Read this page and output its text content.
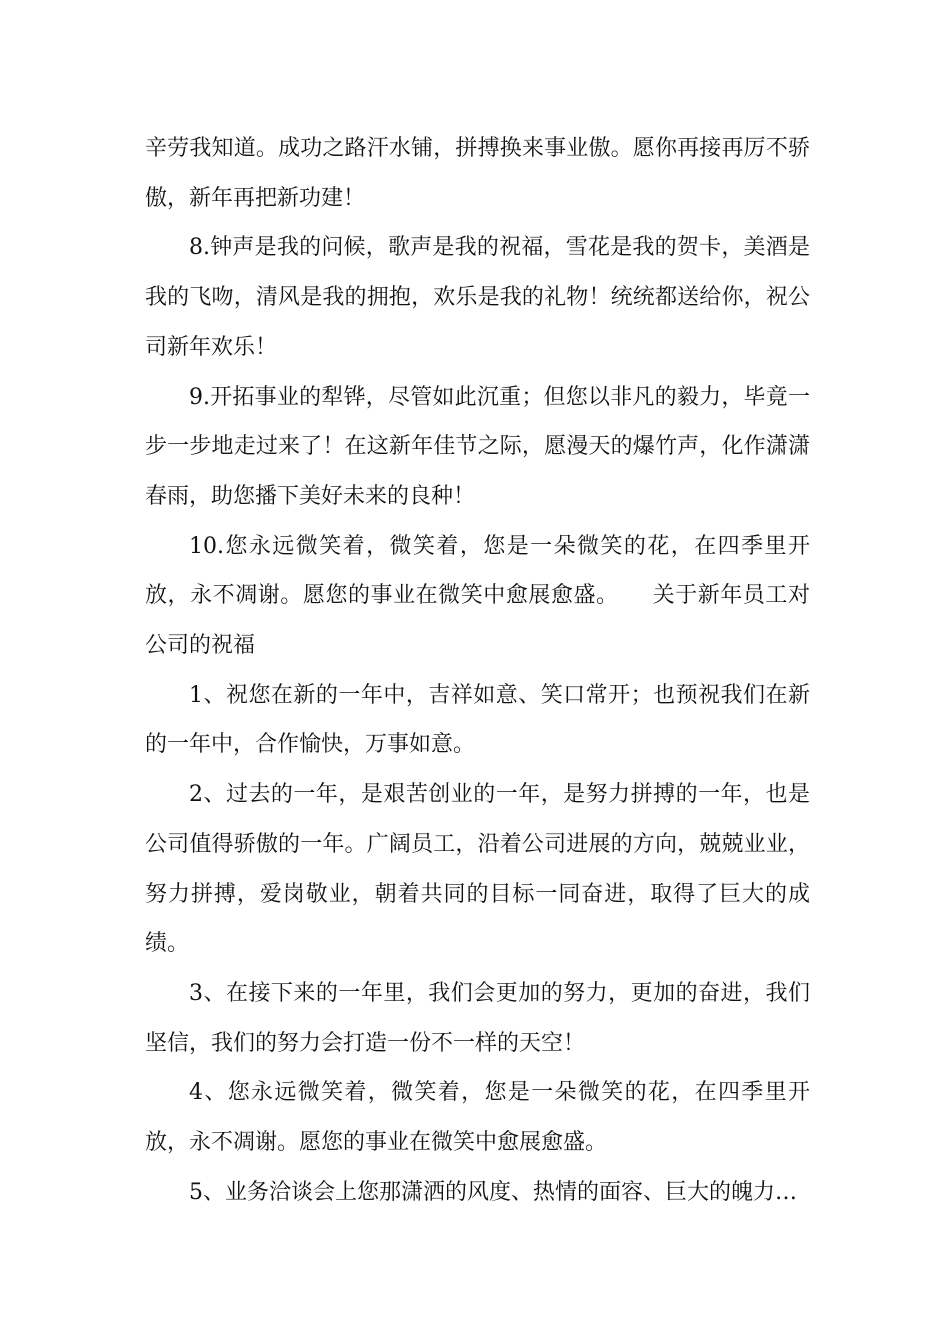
辛劳我知道。成功之路汗水铺，拼搏换来事业傲。愿你再接再厉不骄傲，新年再把新功建！

8.钟声是我的问候，歌声是我的祝福，雪花是我的贺卡，美酒是我的飞吻，清风是我的拥抱，欢乐是我的礼物！统统都送给你，祝公司新年欢乐！

9.开拓事业的犁铧，尽管如此沉重；但您以非凡的毅力，毕竟一步一步地走过来了！在这新年佳节之际，愿漫天的爆竹声，化作潇潇春雨，助您播下美好未来的良种！

10.您永远微笑着，微笑着，您是一朵微笑的花，在四季里开放，永不凋谢。愿您的事业在微笑中愈展愈盛。　　关于新年员工对公司的祝福

1、祝您在新的一年中，吉祥如意、笑口常开；也预祝我们在新的一年中，合作愉快，万事如意。

2、过去的一年，是艰苦创业的一年，是努力拼搏的一年，也是公司值得骄傲的一年。广阔员工，沿着公司进展的方向，兢兢业业，努力拼搏，爱岗敬业，朝着共同的目标一同奋进，取得了巨大的成绩。

3、在接下来的一年里，我们会更加的努力，更加的奋进，我们坚信，我们的努力会打造一份不一样的天空！

4、您永远微笑着，微笑着，您是一朵微笑的花，在四季里开放，永不凋谢。愿您的事业在微笑中愈展愈盛。

5、业务洽谈会上您那潇洒的风度、热情的面容、巨大的魄力…
